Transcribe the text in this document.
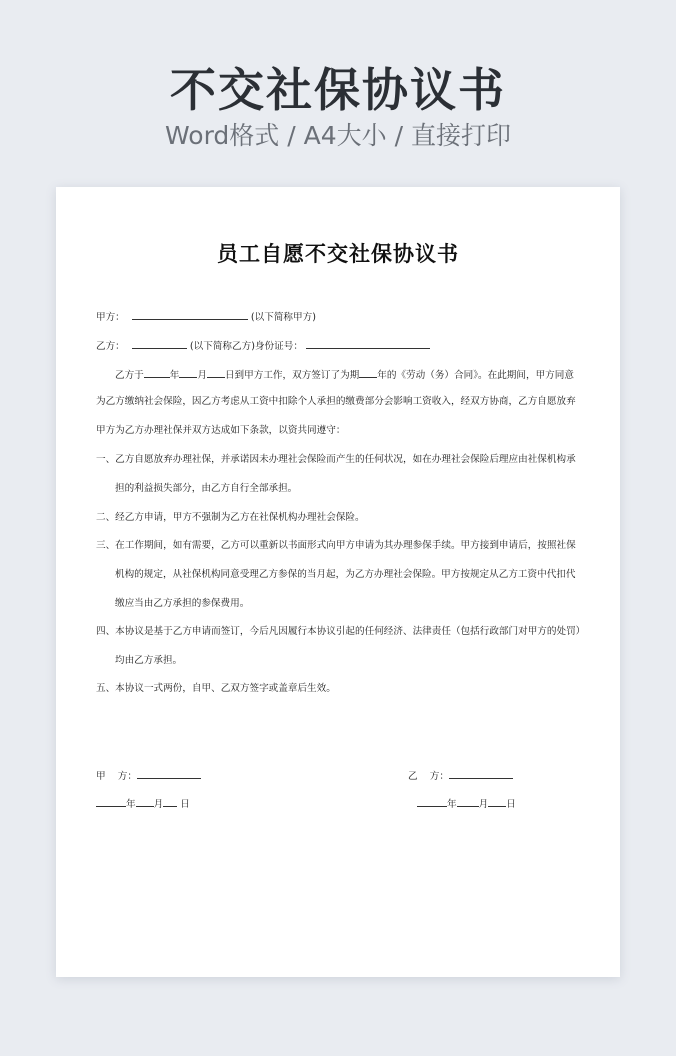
不交社保协议书
Word格式 / A4大小 / 直接打印
员工自愿不交社保协议书
甲方：	(以下简称甲方)
乙方：	(以下简称乙方)身份证号：
乙方于	年 月 日到甲方工作，双方签订了为期 年的《劳动（务）合同》。在此期间，甲方同意
为乙方缴纳社会保险，因乙方考虑从工资中扣除个人承担的缴费部分会影响工资收入，经双方协商，乙方自愿放弃
甲方为乙方办理社保并双方达成如下条款，以资共同遵守：
一、乙方自愿放弃办理社保，并承诺因未办理社会保险而产生的任何状况，如在办理社会保险后理应由社保机构承
担的利益损失部分，由乙方自行全部承担。
二、经乙方申请，甲方不强制为乙方在社保机构办理社会保险。
三、在工作期间，如有需要，乙方可以重新以书面形式向甲方申请为其办理参保手续。甲方接到申请后，按照社保
机构的规定，从社保机构同意受理乙方参保的当月起，为乙方办理社会保险。甲方按规定从乙方工资中代扣代
缴应当由乙方承担的参保费用。
四、本协议是基于乙方申请而签订，今后凡因履行本协议引起的任何经济、法律责任（包括行政部门对甲方的处罚）
均由乙方承担。
五、本协议一式两份，自甲、乙双方签字或盖章后生效。
甲    方：	乙    方：
年 月 日	年 月 日
